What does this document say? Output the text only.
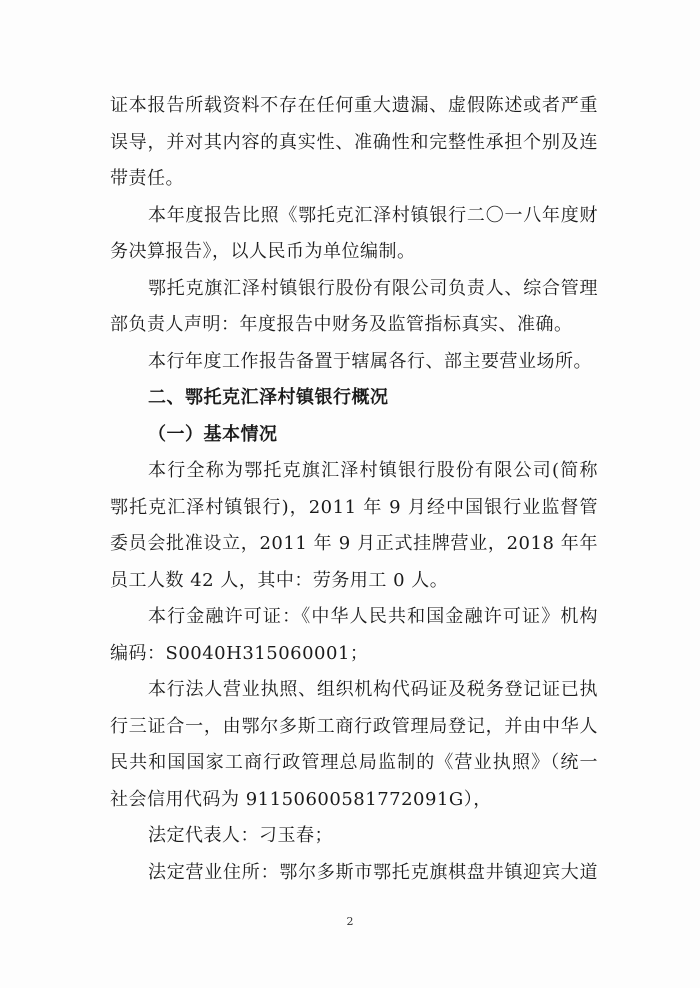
证本报告所载资料不存在任何重大遗漏、虚假陈述或者严重
误导，并对其内容的真实性、准确性和完整性承担个别及连
带责任。
本年度报告比照《鄂托克汇泽村镇银行二〇一八年度财
务决算报告》，以人民币为单位编制。
鄂托克旗汇泽村镇银行股份有限公司负责人、综合管理
部负责人声明：年度报告中财务及监管指标真实、准确。
本行年度工作报告备置于辖属各行、部主要营业场所。
二、鄂托克汇泽村镇银行概况
（一）基本情况
本行全称为鄂托克旗汇泽村镇银行股份有限公司(简称
鄂托克汇泽村镇银行)，2011 年 9 月经中国银行业监督管
委员会批准设立，2011 年 9 月正式挂牌营业，2018 年年
员工人数 42 人，其中：劳务用工 0 人。
本行金融许可证：《中华人民共和国金融许可证》机构
编码：S0040H315060001；
本行法人营业执照、组织机构代码证及税务登记证已执
行三证合一，由鄂尔多斯工商行政管理局登记，并由中华人
民共和国国家工商行政管理总局监制的《营业执照》（统一
社会信用代码为 91150600581772091G），
法定代表人：刁玉春；
法定营业住所：鄂尔多斯市鄂托克旗棋盘井镇迎宾大道
2
